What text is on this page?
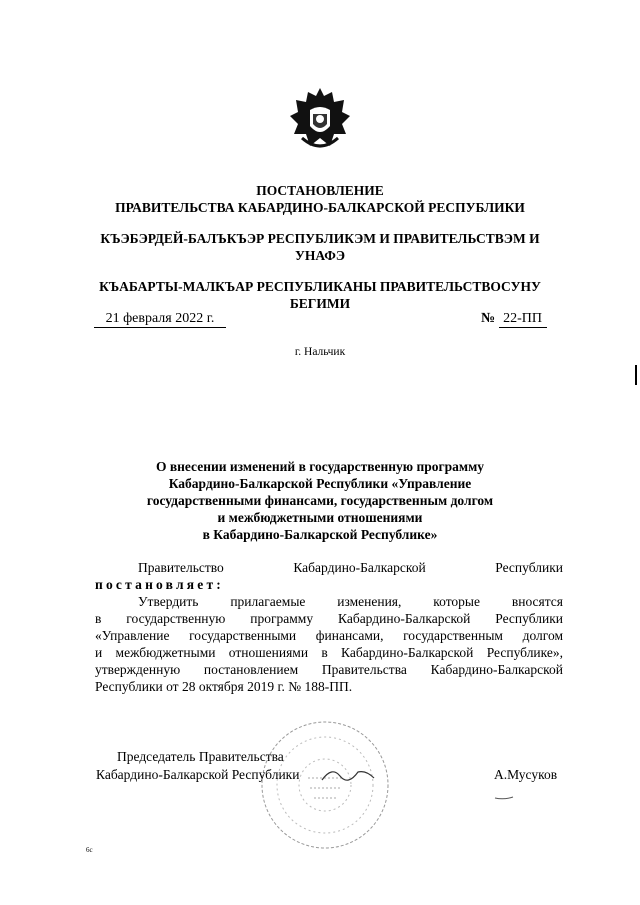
ПОСТАНОВЛЕНИЕ
ПРАВИТЕЛЬСТВА КАБАРДИНО-БАЛКАРСКОЙ РЕСПУБЛИКИ
КЪЭБЭРДЕЙ-БАЛЪКЪЭР РЕСПУБЛИКЭМ И ПРАВИТЕЛЬСТВЭМ И
УНАФЭ
КЪАБАРТЫ-МАЛКЪАР РЕСПУБЛИКАНЫ ПРАВИТЕЛЬСТВОСУНУ
БЕГИМИ
21 февраля 2022 г.	№ 22-ПП
г. Нальчик
О внесении изменений в государственную программу
Кабардино-Балкарской Республики «Управление
государственными финансами, государственным долгом
и межбюджетными отношениями
в Кабардино-Балкарской Республике»
Правительство	Кабардино-Балкарской	Республики
постановляет:
Утвердить прилагаемые изменения, которые вносятся
в государственную программу Кабардино-Балкарской Республики
«Управление государственными финансами, государственным долгом
и межбюджетными отношениями в Кабардино-Балкарской Республике»,
утвержденную постановлением Правительства Кабардино-Балкарской
Республики от 28 октября 2019 г. № 188-ПП.
Председатель Правительства
Кабардино-Балкарской Республики	А.Мусуков
6с
